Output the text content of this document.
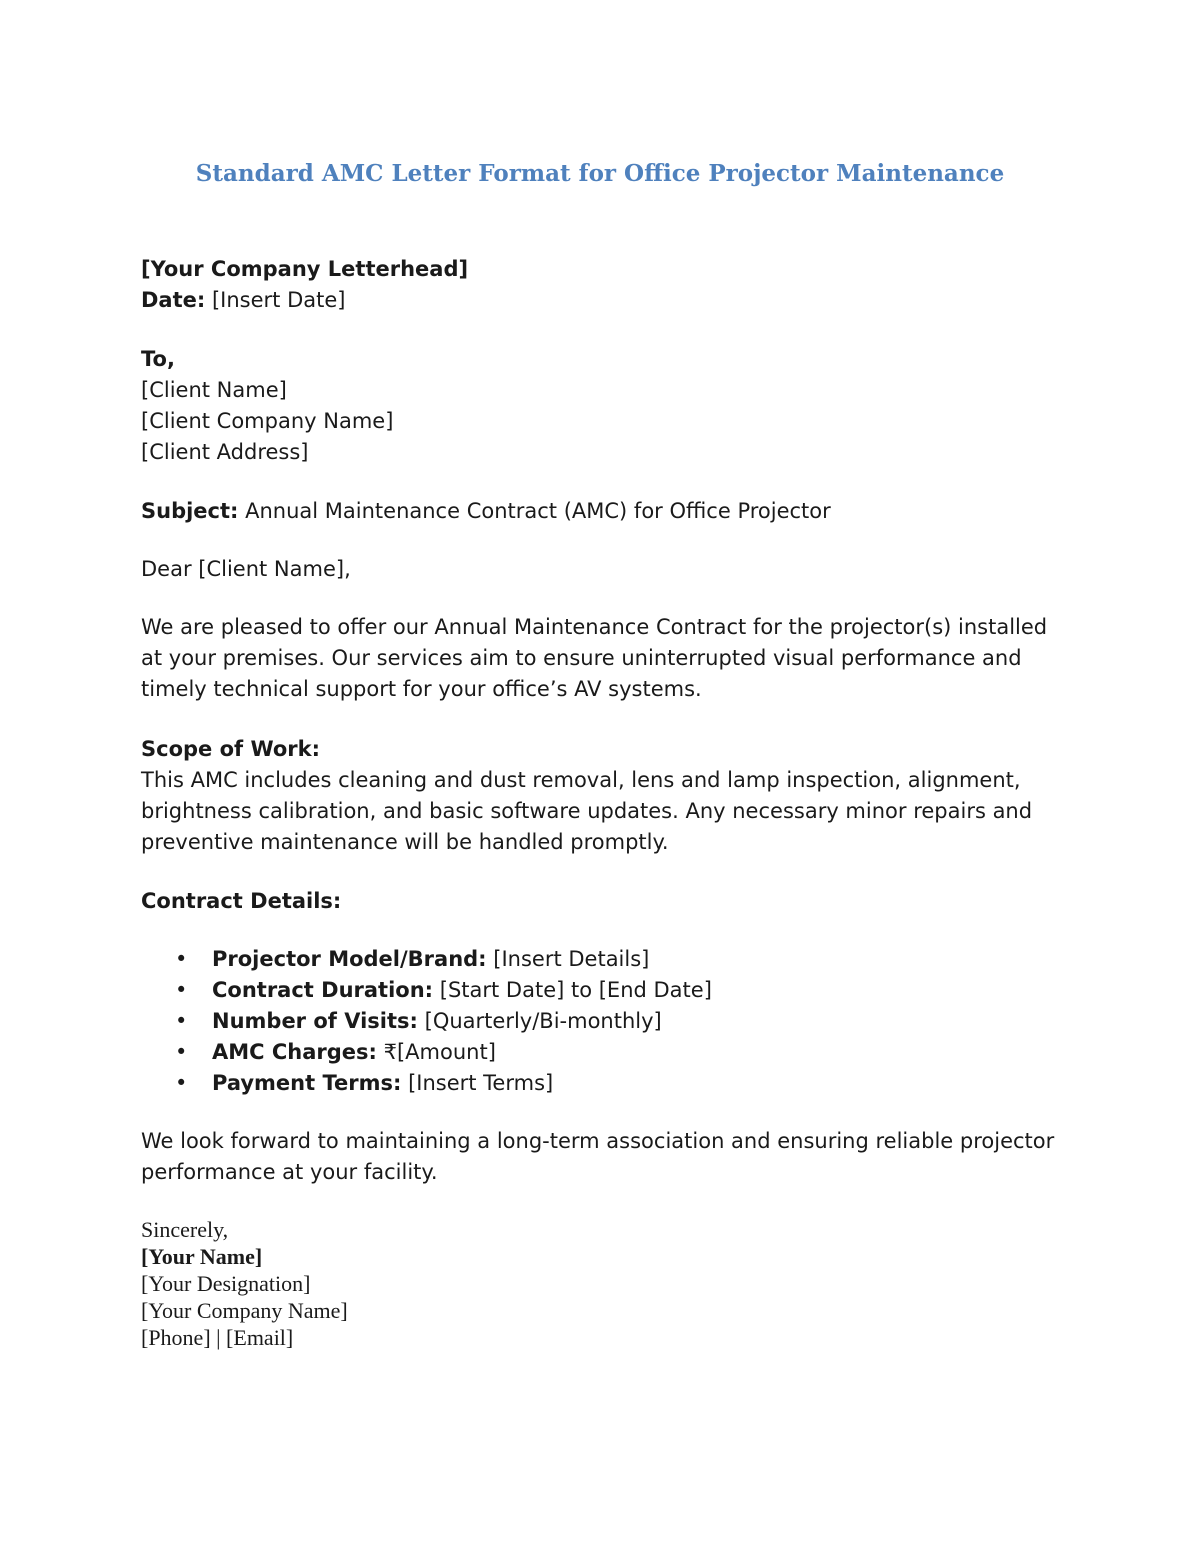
Standard AMC Letter Format for Office Projector Maintenance
[Your Company Letterhead]
Date: [Insert Date]
To,
[Client Name]
[Client Company Name]
[Client Address]
Subject: Annual Maintenance Contract (AMC) for Office Projector
Dear [Client Name],
We are pleased to offer our Annual Maintenance Contract for the projector(s) installed
at your premises. Our services aim to ensure uninterrupted visual performance and
timely technical support for your office’s AV systems.
Scope of Work:
This AMC includes cleaning and dust removal, lens and lamp inspection, alignment,
brightness calibration, and basic software updates. Any necessary minor repairs and
preventive maintenance will be handled promptly.
Contract Details:
• Projector Model/Brand: [Insert Details]
• Contract Duration: [Start Date] to [End Date]
• Number of Visits: [Quarterly/Bi-monthly]
• AMC Charges: ₹[Amount]
• Payment Terms: [Insert Terms]
We look forward to maintaining a long-term association and ensuring reliable projector
performance at your facility.
Sincerely,
[Your Name]
[Your Designation]
[Your Company Name]
[Phone] | [Email]
